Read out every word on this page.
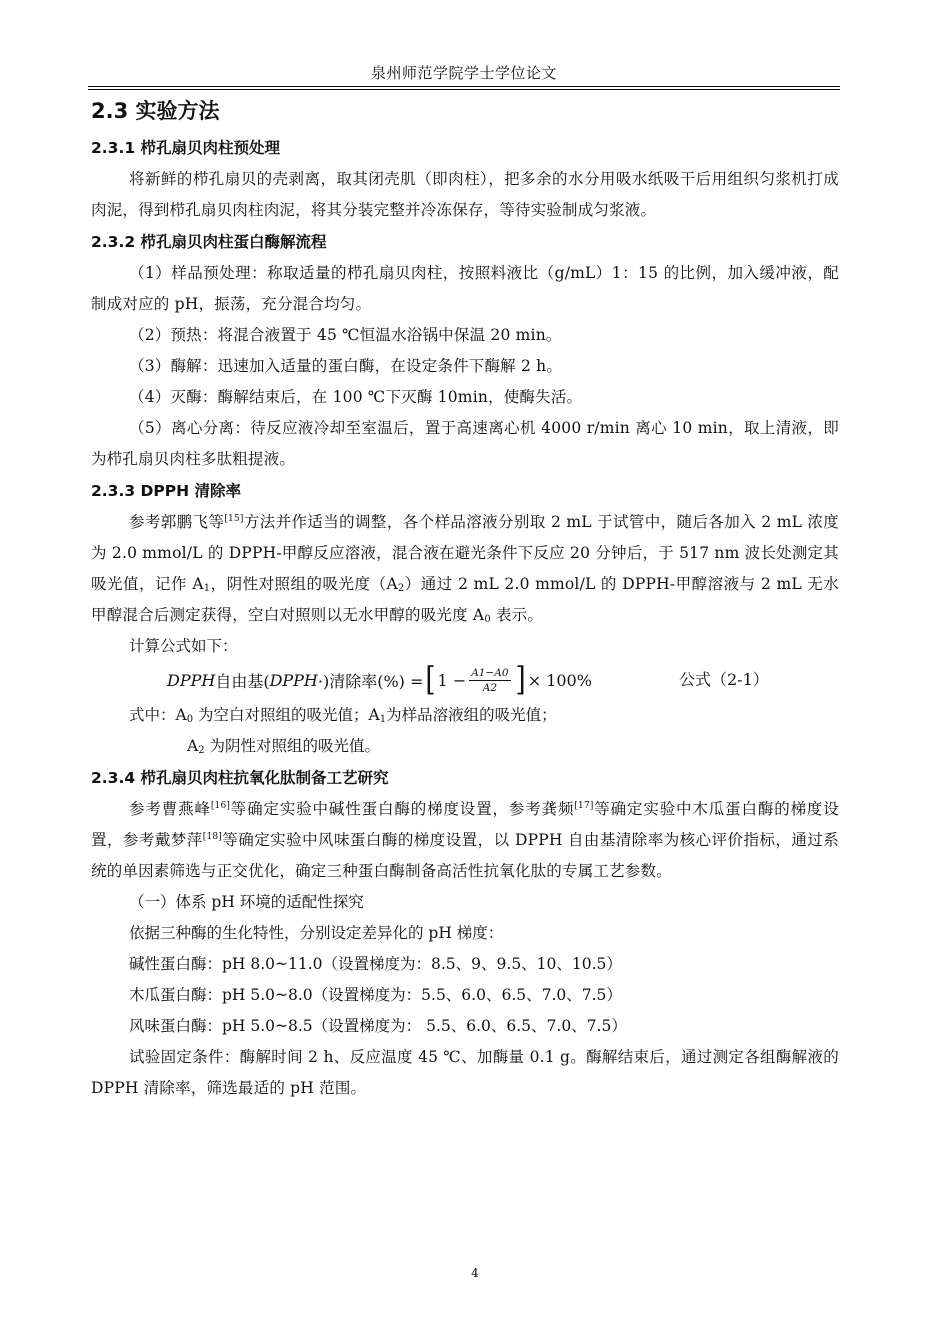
泉州师范学院学士学位论文
2.3 实验方法
2.3.1 栉孔扇贝肉柱预处理

将新鲜的栉孔扇贝的壳剥离，取其闭壳肌（即肉柱），把多余的水分用吸水纸吸干后用组织匀浆机打成肉泥，得到栉孔扇贝肉柱肉泥，将其分装完整并冷冻保存，等待实验制成匀浆液。

2.3.2 栉孔扇贝肉柱蛋白酶解流程

（1）样品预处理：称取适量的栉孔扇贝肉柱，按照料液比（g/mL）1：15 的比例，加入缓冲液，配制成对应的 pH，振荡，充分混合均匀。

（2）预热：将混合液置于 45 ℃恒温水浴锅中保温 20 min。

（3）酶解：迅速加入适量的蛋白酶，在设定条件下酶解 2 h。

（4）灭酶：酶解结束后，在 100 ℃下灭酶 10min，使酶失活。

（5）离心分离：待反应液冷却至室温后，置于高速离心机 4000 r/min 离心 10 min，取上清液，即为栉孔扇贝肉柱多肽粗提液。

2.3.3 DPPH 清除率

参考郭鹏飞等[15]方法并作适当的调整，各个样品溶液分别取 2 mL 于试管中，随后各加入 2 mL 浓度为 2.0 mmol/L 的 DPPH-甲醇反应溶液，混合液在避光条件下反应 20 分钟后，于 517 nm 波长处测定其吸光值，记作 $A_1$，阴性对照组的吸光度$(A_2)$通过 2 mL 2.0 mmol/L 的 DPPH-甲醇溶液与 2 mL 无水甲醇混合后测定获得，空白对照则以无水甲醇的吸光度 $A_0$ 表示。

计算公式如下：

DPPH 自由基( DPPH ·)清除率(%) = [ $1 - \frac{A1-A0}{A2}$ ] × 100%	公式（2-1）

式中：$A_0$ 为空白对照组的吸光值；$A_1$为样品溶液组的吸光值；

$A_2$ 为阴性对照组的吸光值。

2.3.4 栉孔扇贝肉柱抗氧化肽制备工艺研究

参考曹燕峰[16]等确定实验中碱性蛋白酶的梯度设置，参考龚频[17]等确定实验中木瓜蛋白酶的梯度设置，参考戴梦萍[18]等确定实验中风味蛋白酶的梯度设置，以 DPPH 自由基清除率为核心评价指标，通过系统的单因素筛选与正交优化，确定三种蛋白酶制备高活性抗氧化肽的专属工艺参数。

（一）体系 pH 环境的适配性探究

依据三种酶的生化特性，分别设定差异化的 pH 梯度：

碱性蛋白酶：pH 8.0~11.0（设置梯度为：8.5、9、9.5、10、10.5）

木瓜蛋白酶：pH 5.0~8.0（设置梯度为：5.5、6.0、6.5、7.0、7.5）

风味蛋白酶：pH 5.0~8.5（设置梯度为： 5.5、6.0、6.5、7.0、7.5）

试验固定条件：酶解时间 2 h、反应温度 45 ℃、加酶量 0.1 g。酶解结束后，通过测定各组酶解液的 DPPH 清除率，筛选最适的 pH 范围。

4
